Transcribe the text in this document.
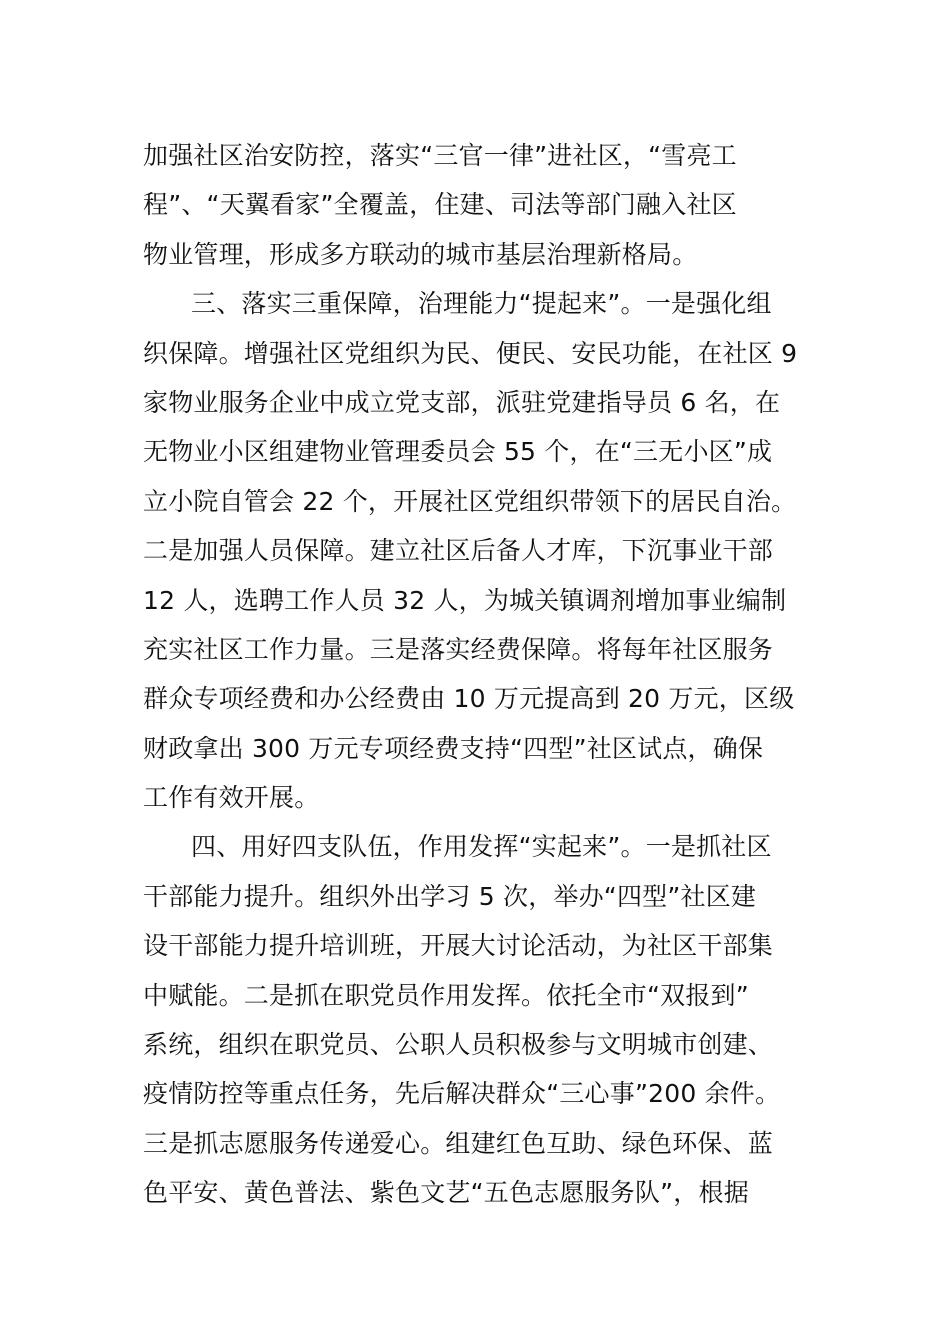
加强社区治安防控，落实“三官一律”进社区，“雪亮工
程”、“天翼看家”全覆盖，住建、司法等部门融入社区
物业管理，形成多方联动的城市基层治理新格局。
三、落实三重保障，治理能力“提起来”。一是强化组
织保障。增强社区党组织为民、便民、安民功能，在社区 9
家物业服务企业中成立党支部，派驻党建指导员 6 名，在
无物业小区组建物业管理委员会 55 个，在“三无小区”成
立小院自管会 22 个，开展社区党组织带领下的居民自治。
二是加强人员保障。建立社区后备人才库，下沉事业干部
12 人，选聘工作人员 32 人，为城关镇调剂增加事业编制
充实社区工作力量。三是落实经费保障。将每年社区服务
群众专项经费和办公经费由 10 万元提高到 20 万元，区级
财政拿出 300 万元专项经费支持“四型”社区试点，确保
工作有效开展。
四、用好四支队伍，作用发挥“实起来”。一是抓社区
干部能力提升。组织外出学习 5 次，举办“四型”社区建
设干部能力提升培训班，开展大讨论活动，为社区干部集
中赋能。二是抓在职党员作用发挥。依托全市“双报到”
系统，组织在职党员、公职人员积极参与文明城市创建、
疫情防控等重点任务，先后解决群众“三心事”200 余件。
三是抓志愿服务传递爱心。组建红色互助、绿色环保、蓝
色平安、黄色普法、紫色文艺“五色志愿服务队”，根据
